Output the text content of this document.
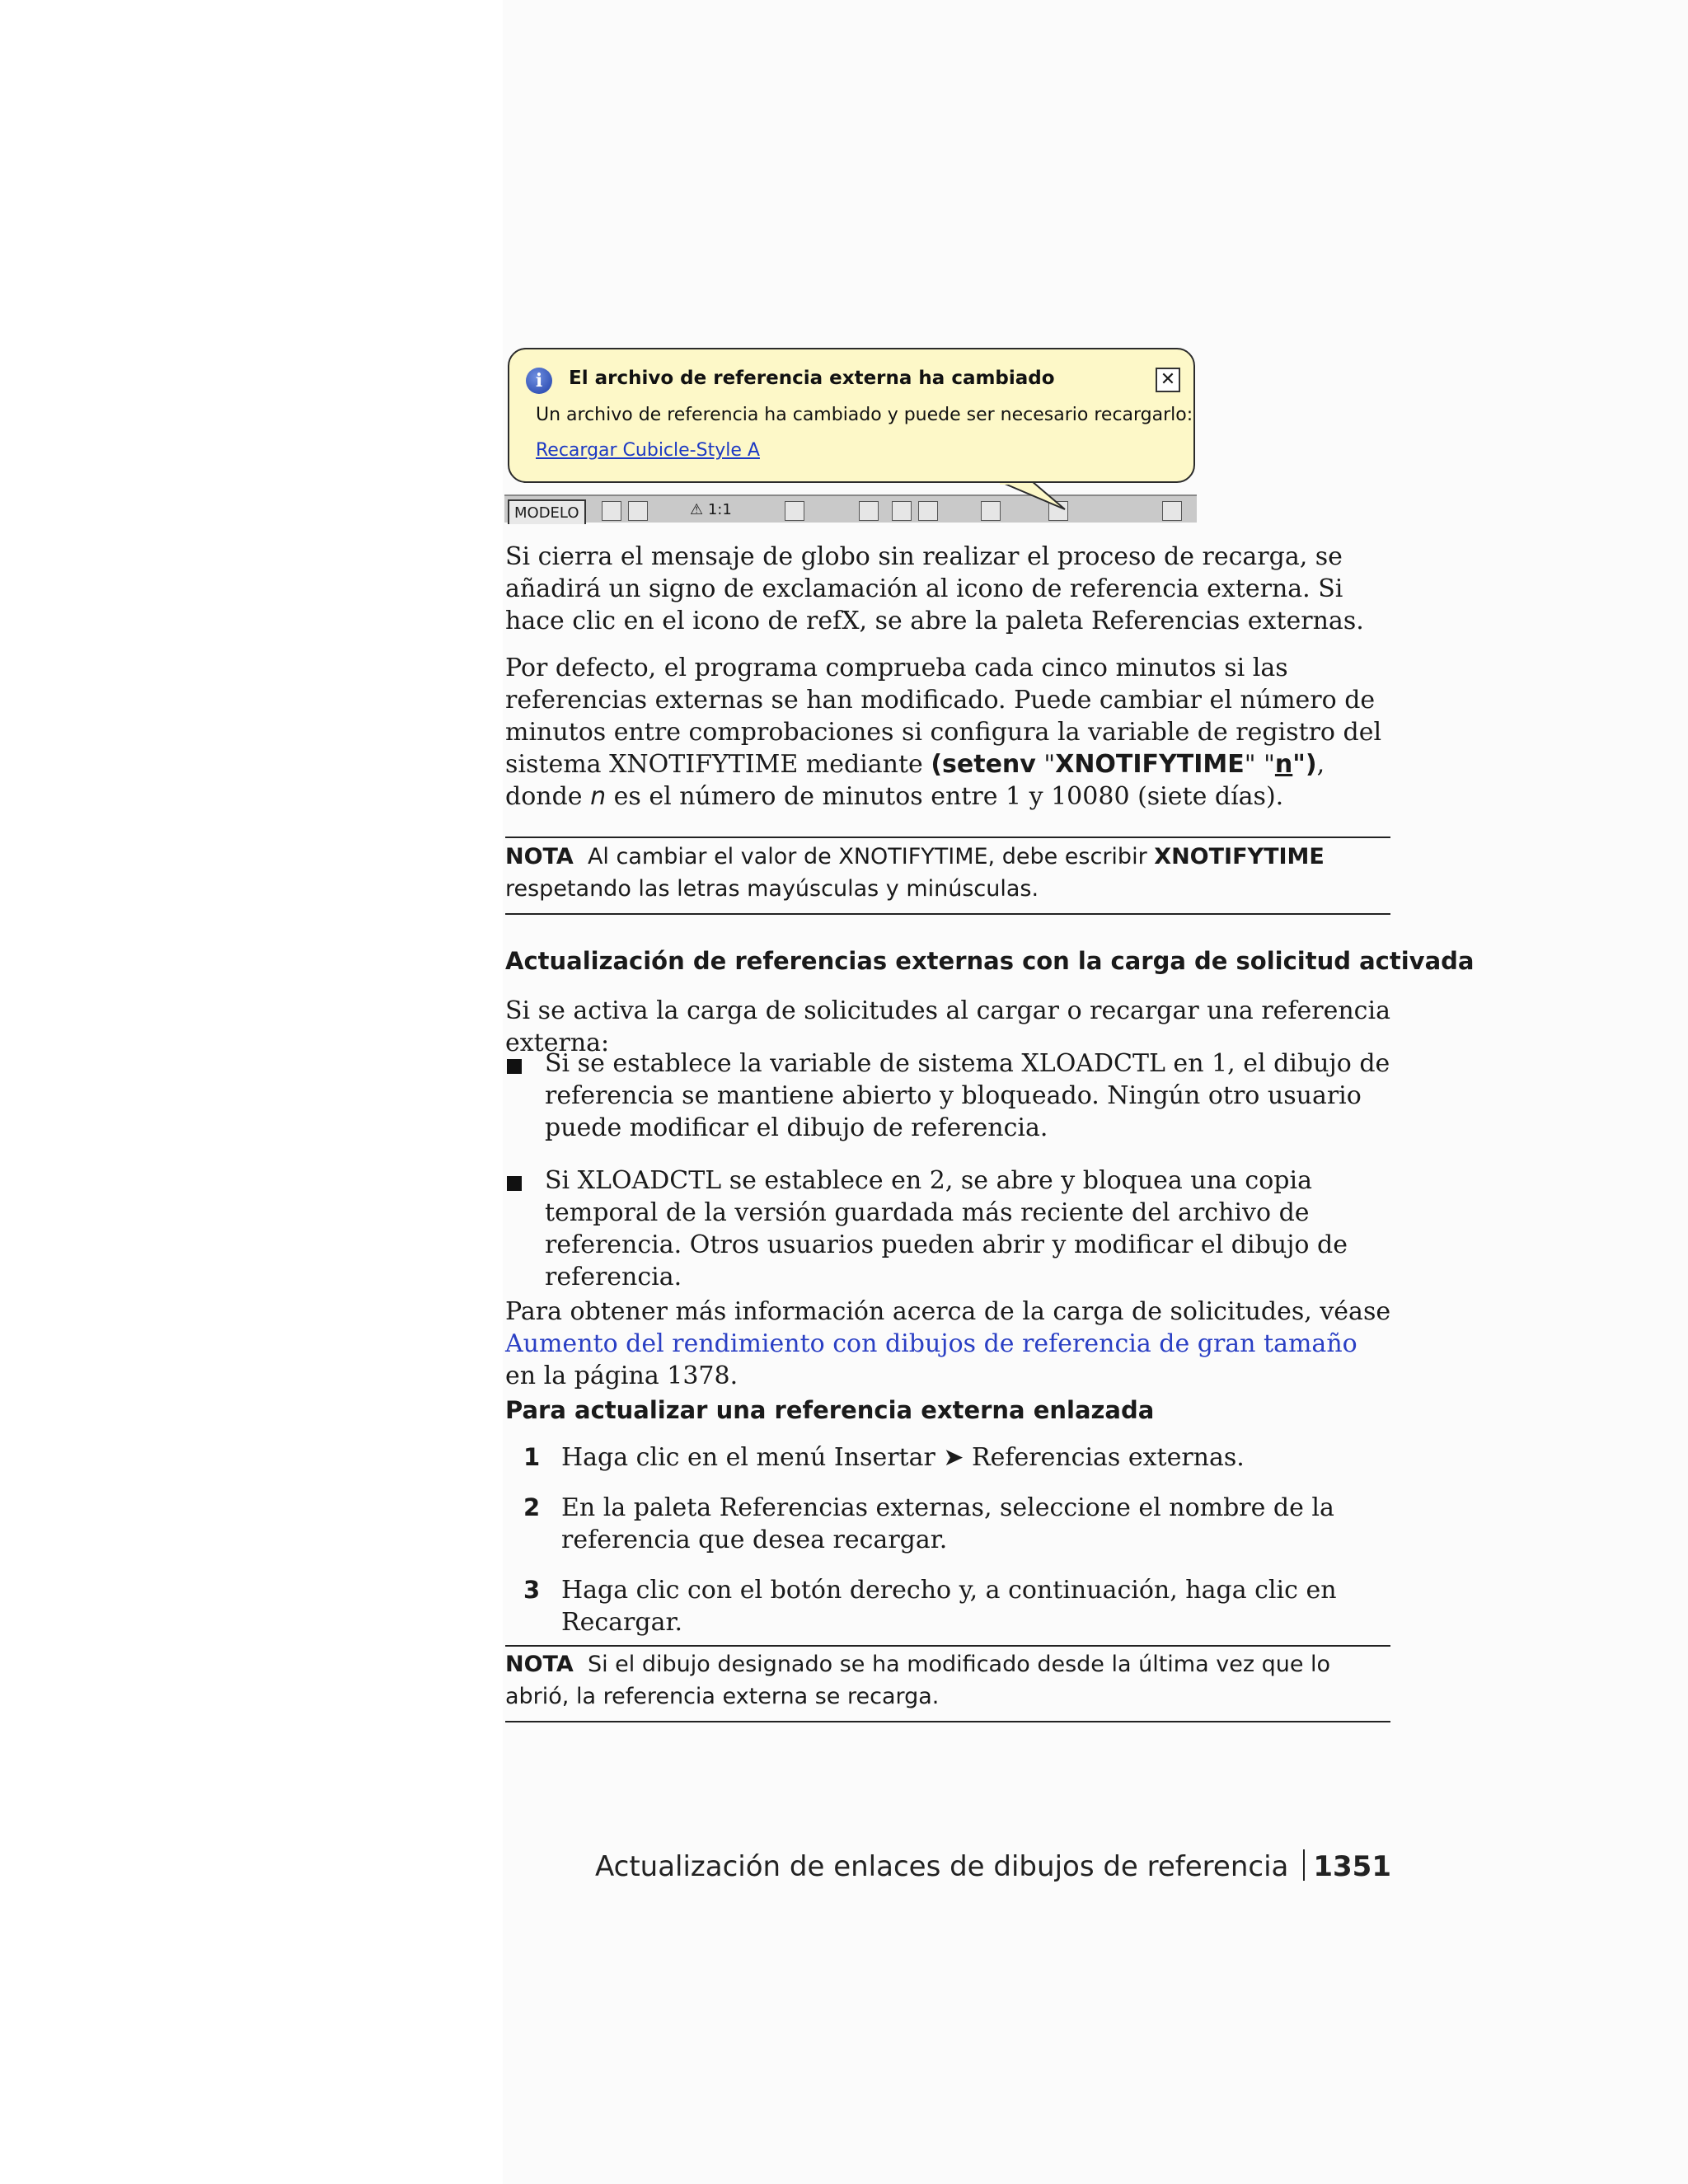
MODELO	⚠ 1:1
i	El archivo de referencia externa ha cambiado	✕
Un archivo de referencia ha cambiado y puede ser necesario recargarlo:
Recargar Cubicle-Style A
Si cierra el mensaje de globo sin realizar el proceso de recarga, se añadirá un signo de exclamación al icono de referencia externa. Si hace clic en el icono de refX, se abre la paleta Referencias externas.
Por defecto, el programa comprueba cada cinco minutos si las referencias externas se han modificado. Puede cambiar el número de minutos entre comprobaciones si configura la variable de registro del sistema XNOTIFYTIME mediante (setenv "XNOTIFYTIME" "n"), donde n es el número de minutos entre 1 y 10080 (siete días).
NOTA Al cambiar el valor de XNOTIFYTIME, debe escribir XNOTIFYTIME respetando las letras mayúsculas y minúsculas.
Actualización de referencias externas con la carga de solicitud activada
Si se activa la carga de solicitudes al cargar o recargar una referencia externa:
Si se establece la variable de sistema XLOADCTL en 1, el dibujo de referencia se mantiene abierto y bloqueado. Ningún otro usuario puede modificar el dibujo de referencia.
Si XLOADCTL se establece en 2, se abre y bloquea una copia temporal de la versión guardada más reciente del archivo de referencia. Otros usuarios pueden abrir y modificar el dibujo de referencia.
Para obtener más información acerca de la carga de solicitudes, véase Aumento del rendimiento con dibujos de referencia de gran tamaño en la página 1378.
Para actualizar una referencia externa enlazada
1 Haga clic en el menú Insertar ➤ Referencias externas.
2 En la paleta Referencias externas, seleccione el nombre de la referencia que desea recargar.
3 Haga clic con el botón derecho y, a continuación, haga clic en Recargar.
NOTA Si el dibujo designado se ha modificado desde la última vez que lo abrió, la referencia externa se recarga.
Actualización de enlaces de dibujos de referencia 1351
